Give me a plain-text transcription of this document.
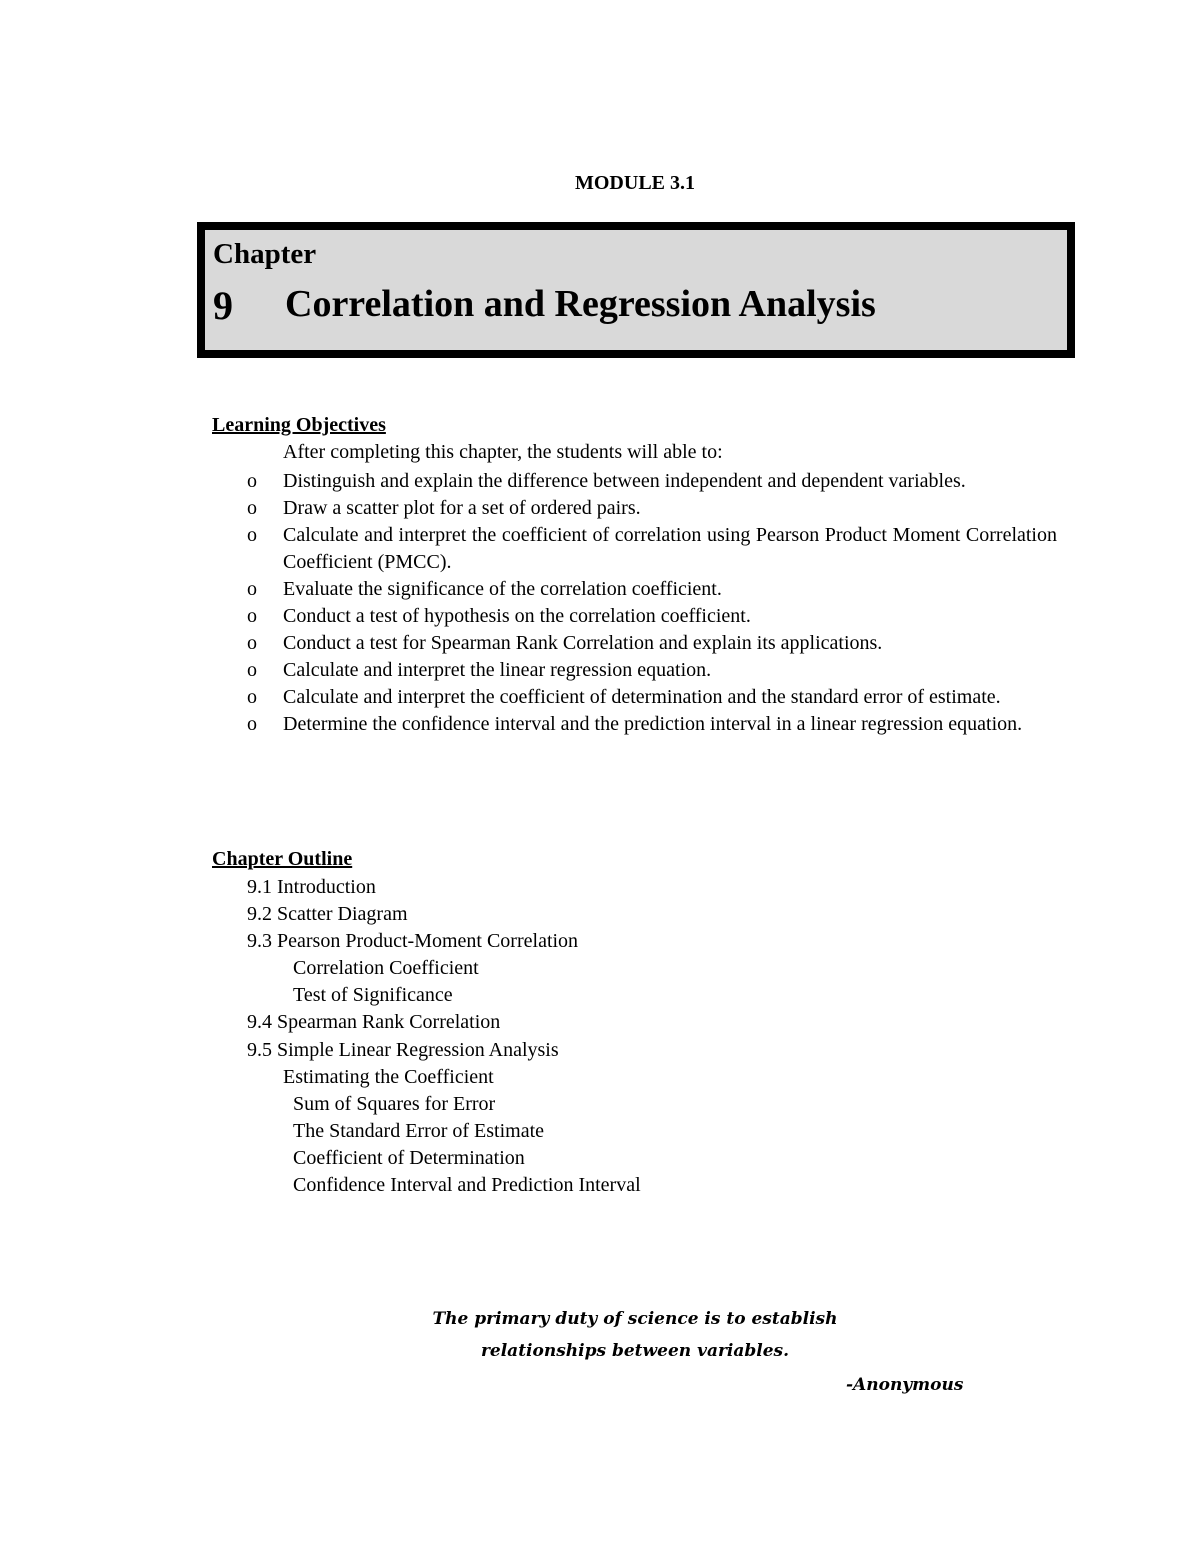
MODULE 3.1
Chapter
9 Correlation and Regression Analysis
Learning Objectives
After completing this chapter, the students will able to:
o Distinguish and explain the difference between independent and dependent variables.
o Draw a scatter plot for a set of ordered pairs.
o Calculate and interpret the coefficient of correlation using Pearson Product Moment Correlation Coefficient (PMCC).
o Evaluate the significance of the correlation coefficient.
o Conduct a test of hypothesis on the correlation coefficient.
o Conduct a test for Spearman Rank Correlation and explain its applications.
o Calculate and interpret the linear regression equation.
o Calculate and interpret the coefficient of determination and the standard error of estimate.
o Determine the confidence interval and the prediction interval in a linear regression equation.
Chapter Outline
9.1 Introduction
9.2 Scatter Diagram
9.3 Pearson Product-Moment Correlation
Correlation Coefficient
Test of Significance
9.4 Spearman Rank Correlation
9.5 Simple Linear Regression Analysis
Estimating the Coefficient
Sum of Squares for Error
The Standard Error of Estimate
Coefficient of Determination
Confidence Interval and Prediction Interval
The primary duty of science is to establish
relationships between variables.
-Anonymous
